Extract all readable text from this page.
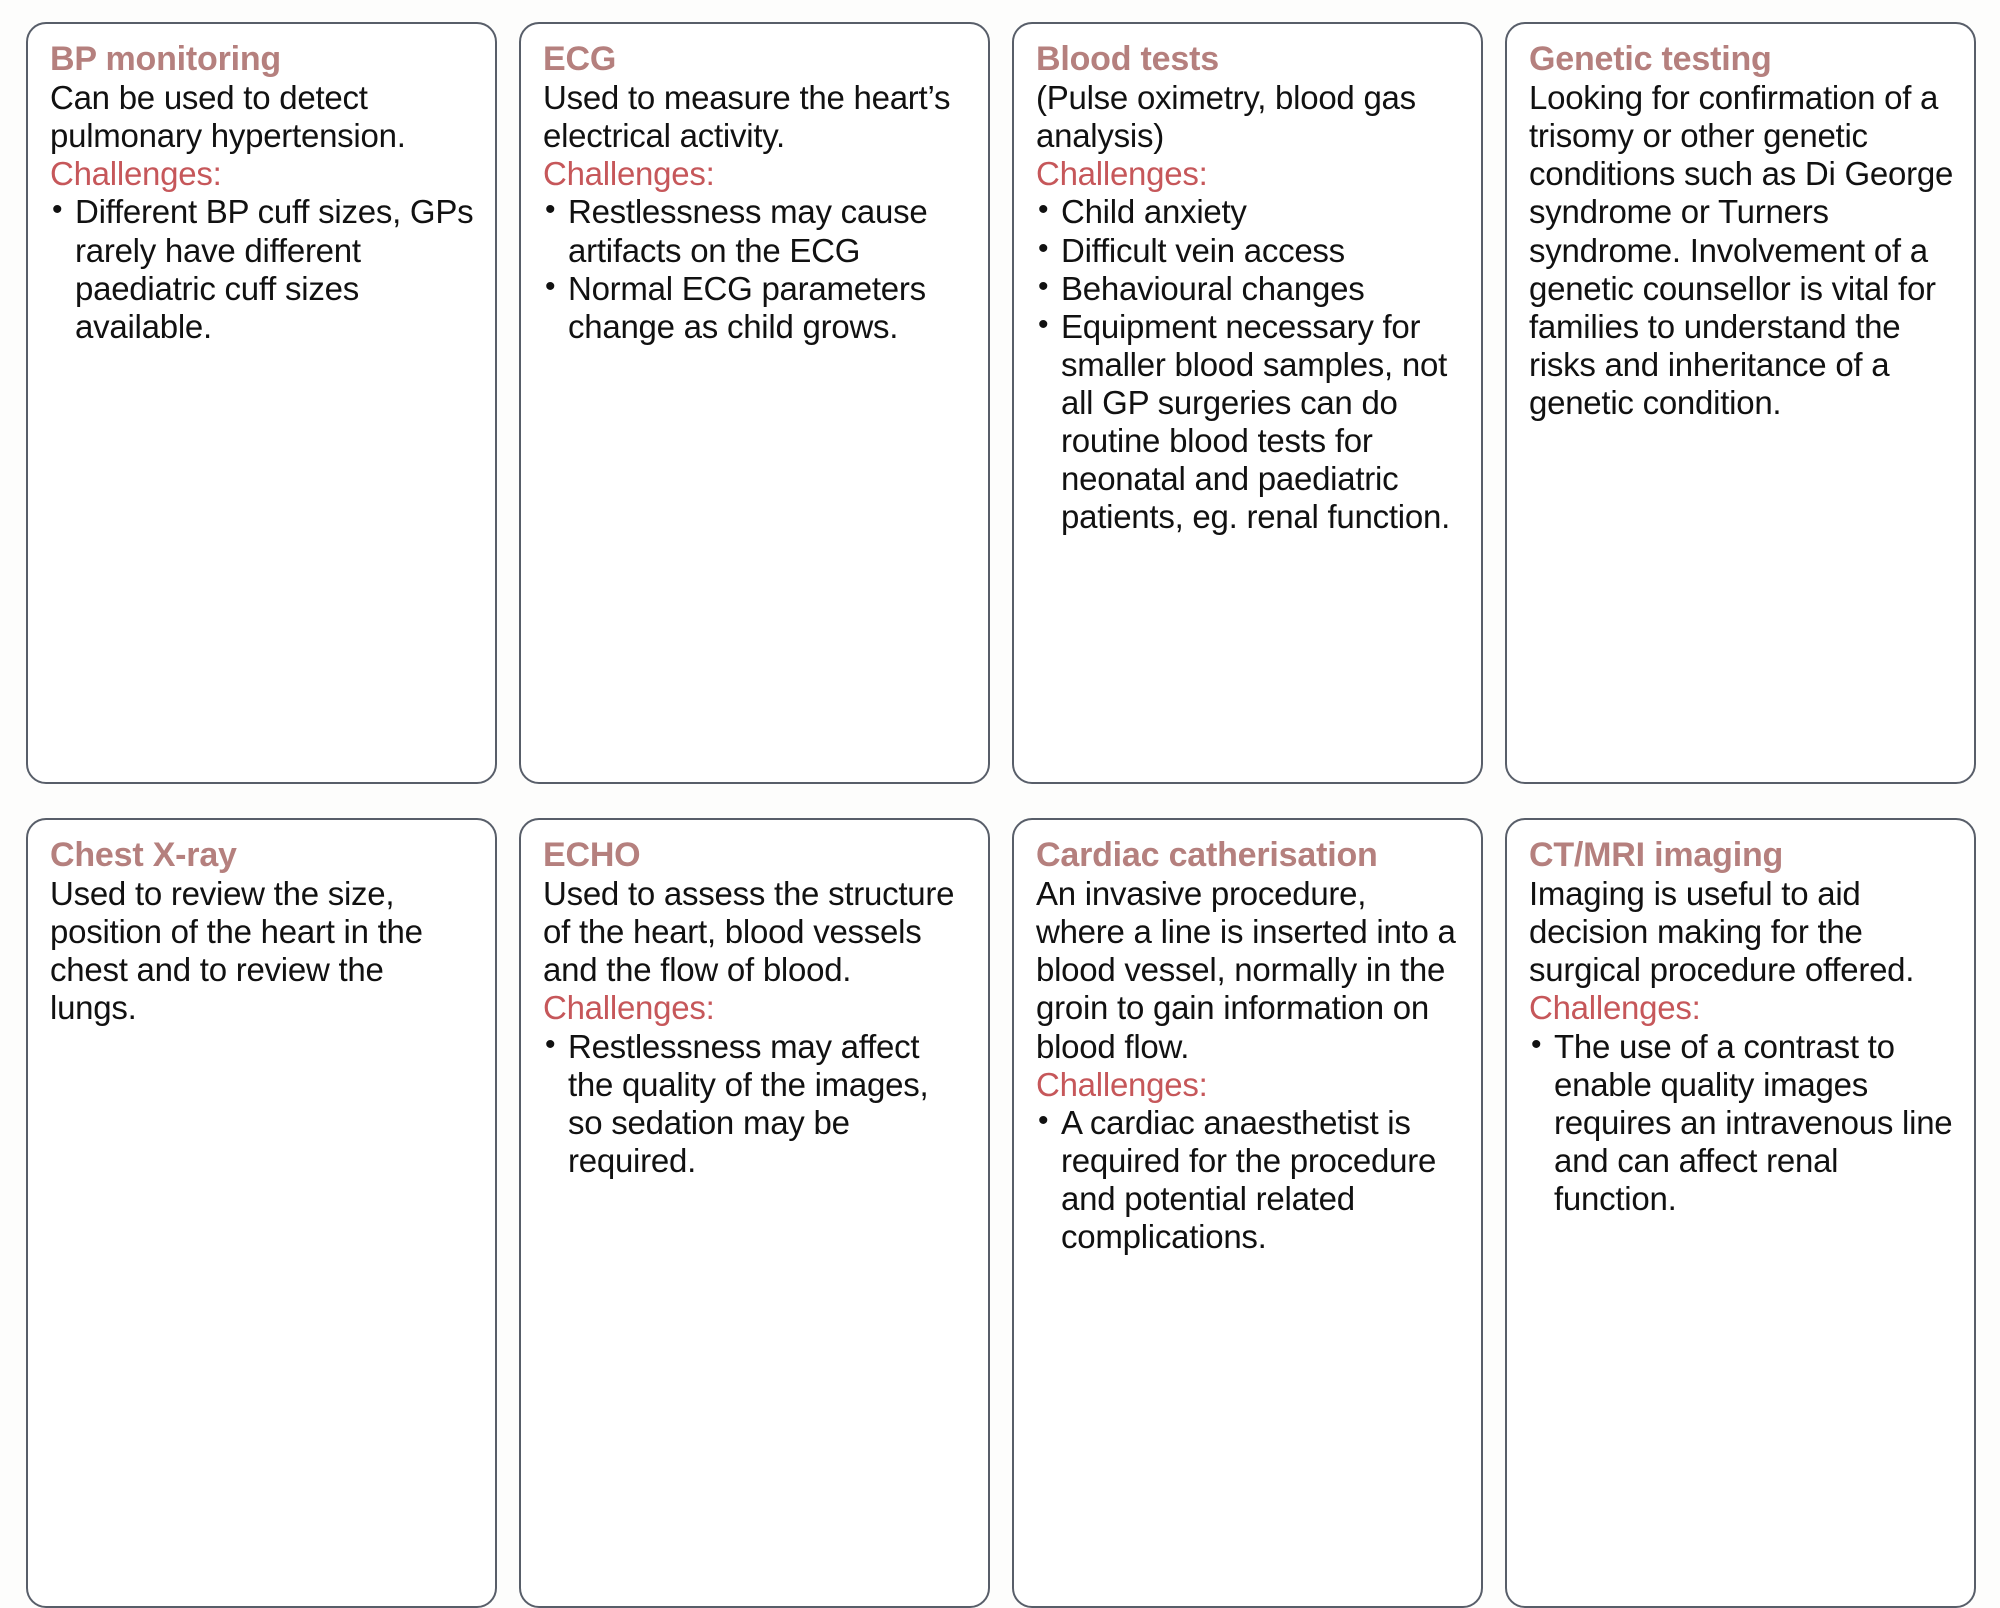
BP monitoring

Can be used to detect pulmonary hypertension.

Challenges:

• Different BP cuff sizes, GPs rarely have different paediatric cuff sizes available.
ECG

Used to measure the heart’s electrical activity.

Challenges:

• Restlessness may cause artifacts on the ECG
• Normal ECG parameters change as child grows.
Blood tests

(Pulse oximetry, blood gas analysis)

Challenges:

• Child anxiety
• Difficult vein access
• Behavioural changes
• Equipment necessary for smaller blood samples, not all GP surgeries can do routine blood tests for neonatal and paediatric patients, eg. renal function.
Genetic testing

Looking for confirmation of a trisomy or other genetic conditions such as Di George syndrome or Turners syndrome. Involvement of a genetic counsellor is vital for families to understand the risks and inheritance of a genetic condition.

Chest X-ray

Used to review the size, position of the heart in the chest and to review the lungs.

ECHO

Used to assess the structure of the heart, blood vessels and the flow of blood.

Challenges:

• Restlessness may affect the quality of the images, so sedation may be required.
Cardiac catherisation

An invasive procedure, where a line is inserted into a blood vessel, normally in the groin to gain information on blood flow.

Challenges:

• A cardiac anaesthetist is required for the procedure and potential related complications.
CT/MRI imaging

Imaging is useful to aid decision making for the surgical procedure offered.

Challenges:

• The use of a contrast to enable quality images requires an intravenous line and can affect renal function.
